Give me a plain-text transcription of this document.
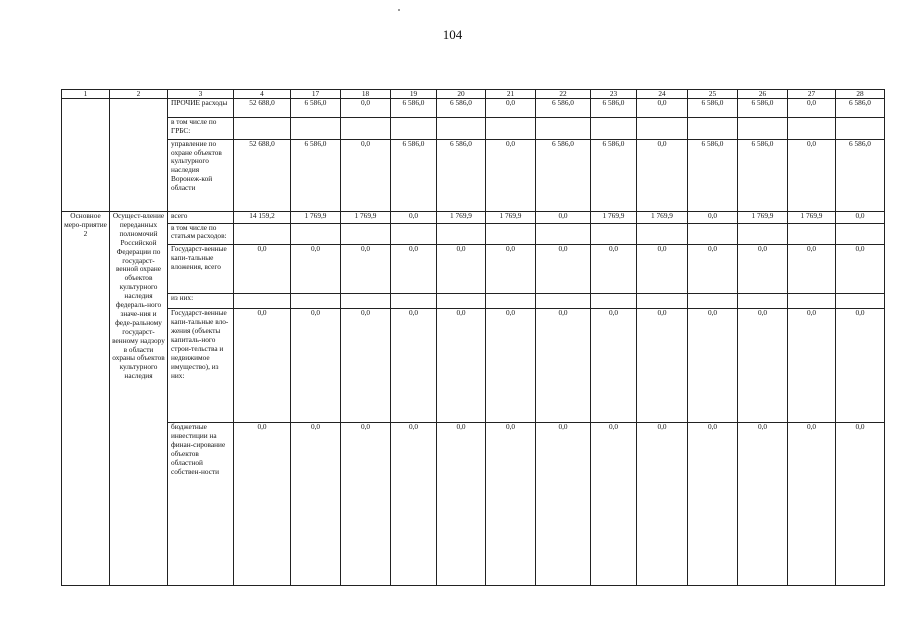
104
1	2	3	4	17	18	19	20	21	22	23	24	25	26	27	28
		ПРОЧИЕ расходы	52 688,0	6 586,0	0,0	6 586,0	6 586,0	0,0	6 586,0	6 586,0	0,0	6 586,0	6 586,0	0,0	6 586,0
		в том числе по ГРБС:													
		управление по охране объектов культурного наследия Воронеж-кой области	52 688,0	6 586,0	0,0	6 586,0	6 586,0	0,0	6 586,0	6 586,0	0,0	6 586,0	6 586,0	0,0	6 586,0
Основное меро-приятие 2	Осущест-вление переданных полномочий Российской Федерации по государст-венной охране объектов культурного наследия федераль-ного значе-ния и феде-ральному государст-венному надзору в области охраны объектов культурного наследия	всего	14 159,2	1 769,9	1 769,9	0,0	1 769,9	1 769,9	0,0	1 769,9	1 769,9	0,0	1 769,9	1 769,9	0,0
		в том числе по статьям расходов:													
		Государст-венные капи-тальные вложения, всего	0,0	0,0	0,0	0,0	0,0	0,0	0,0	0,0	0,0	0,0	0,0	0,0	0,0
		из них:													
		Государст-венные капи-тальные вло-жения (объекты капиталь-ного строи-тельства и недвижимое имущество), из них:	0,0	0,0	0,0	0,0	0,0	0,0	0,0	0,0	0,0	0,0	0,0	0,0	0,0
		бюджетные инвестиции на финан-сирование объектов областной собствен-ности	0,0	0,0	0,0	0,0	0,0	0,0	0,0	0,0	0,0	0,0	0,0	0,0	0,0
